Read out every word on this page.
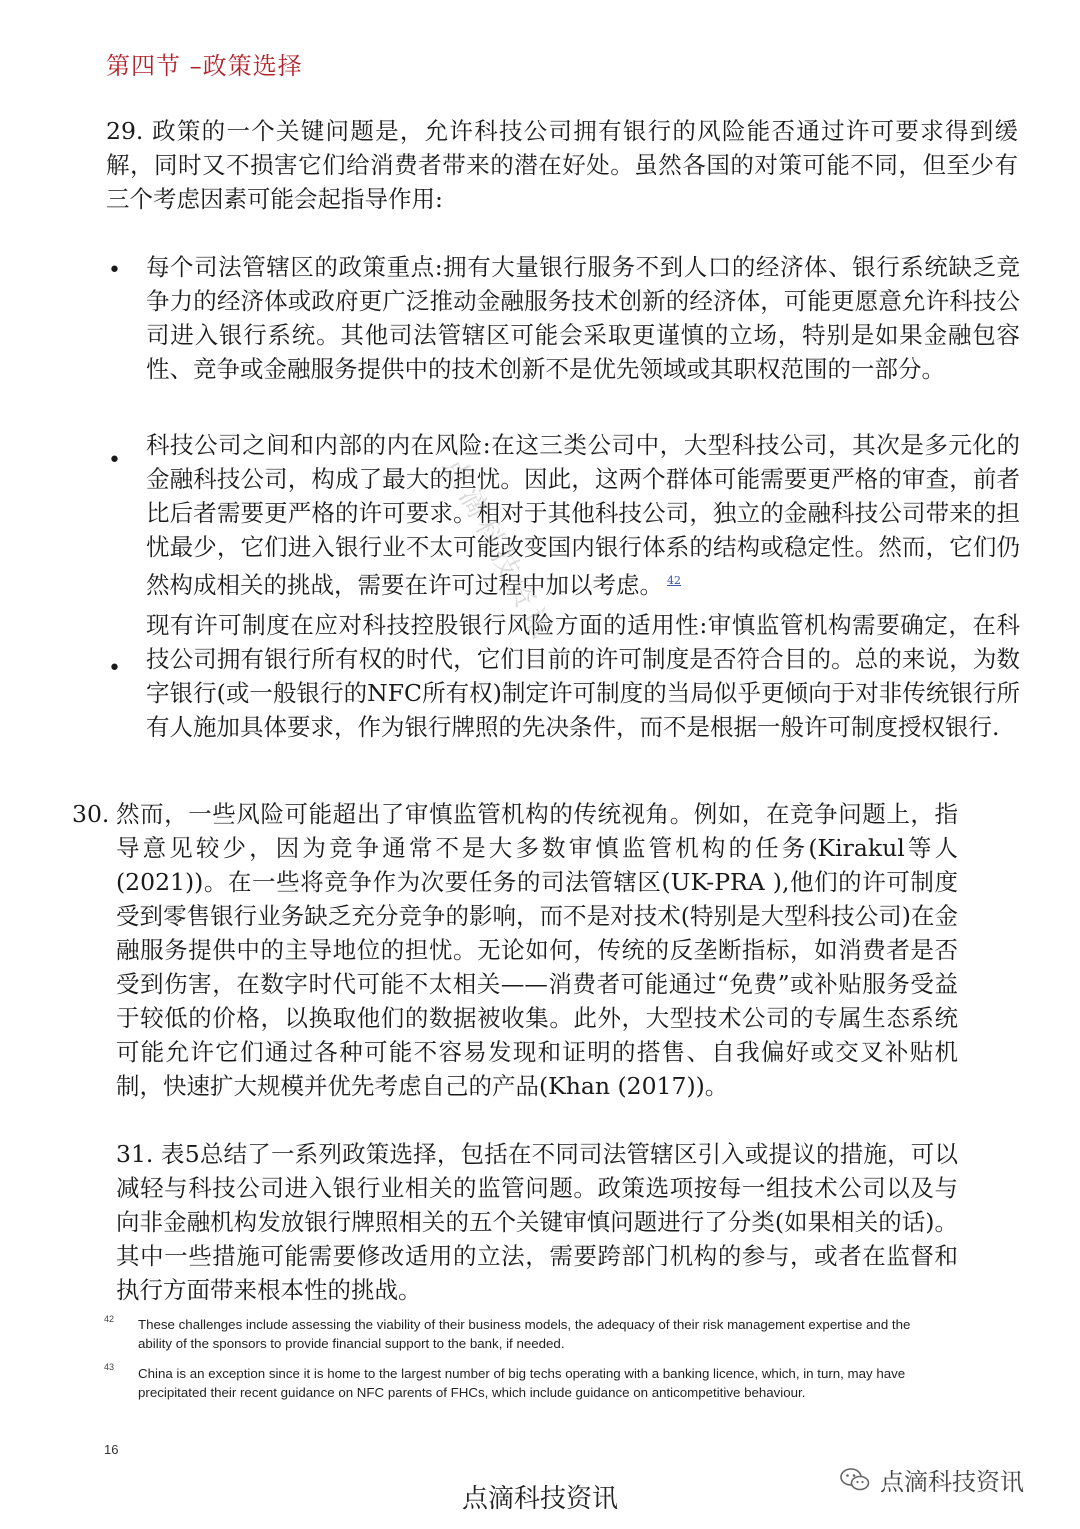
第四节 –政策选择

29. 政策的一个关键问题是，允许科技公司拥有银行的风险能否通过许可要求得到缓解，同时又不损害它们给消费者带来的潜在好处。虽然各国的对策可能不同，但至少有三个考虑因素可能会起指导作用:

• 每个司法管辖区的政策重点:拥有大量银行服务不到人口的经济体、银行系统缺乏竞争力的经济体或政府更广泛推动金融服务技术创新的经济体，可能更愿意允许科技公司进入银行系统。其他司法管辖区可能会采取更谨慎的立场，特别是如果金融包容性、竞争或金融服务提供中的技术创新不是优先领域或其职权范围的一部分。

•

科技公司之间和内部的内在风险:在这三类公司中，大型科技公司，其次是多元化的金融科技公司，构成了最大的担忧。因此，这两个群体可能需要更严格的审查，前者比后者需要更严格的许可要求。相对于其他科技公司，独立的金融科技公司带来的担忧最少，它们进入银行业不太可能改变国内银行体系的结构或稳定性。然而，它们仍然构成相关的挑战，需要在许可过程中加以考虑。 $^{42}$

•

现有许可制度在应对科技控股银行风险方面的适用性:审慎监管机构需要确定，在科技公司拥有银行所有权的时代，它们目前的许可制度是否符合目的。总的来说，为数字银行(或一般银行的NFC所有权)制定许可制度的当局似乎更倾向于对非传统银行所有人施加具体要求，作为银行牌照的先决条件，而不是根据一般许可制度授权银行.

30. 然而，一些风险可能超出了审慎监管机构的传统视角。例如，在竞争问题上，指导意见较少，因为竞争通常不是大多数审慎监管机构的任务(Kirakul等人(2021))。在一些将竞争作为次要任务的司法管辖区(UK-PRA ),他们的许可制度受到零售银行业务缺乏充分竞争的影响，而不是对技术(特别是大型科技公司)在金融服务提供中的主导地位的担忧。无论如何，传统的反垄断指标，如消费者是否受到伤害，在数字时代可能不太相关——消费者可能通过“免费”或补贴服务受益于较低的价格，以换取他们的数据被收集。此外，大型技术公司的专属生态系统可能允许它们通过各种可能不容易发现和证明的搭售、自我偏好或交叉补贴机制，快速扩大规模并优先考虑自己的产品(Khan (2017))。

31. 表5总结了一系列政策选择，包括在不同司法管辖区引入或提议的措施，可以减轻与科技公司进入银行业相关的监管问题。政策选项按每一组技术公司以及与向非金融机构发放银行牌照相关的五个关键审慎问题进行了分类(如果相关的话)。其中一些措施可能需要修改适用的立法，需要跨部门机构的参与，或者在监督和执行方面带来根本性的挑战。

42 These challenges include assessing the viability of their business models, the adequacy of their risk management expertise and the ability of the sponsors to provide financial support to the bank, if needed.

43 China is an exception since it is home to the largest number of big techs operating with a banking licence, which, in turn, may have precipitated their recent guidance on NFC parents of FHCs, which include guidance on anticompetitive behaviour.

16
点滴科技资讯
点滴科技资讯
点滴科技资讯
